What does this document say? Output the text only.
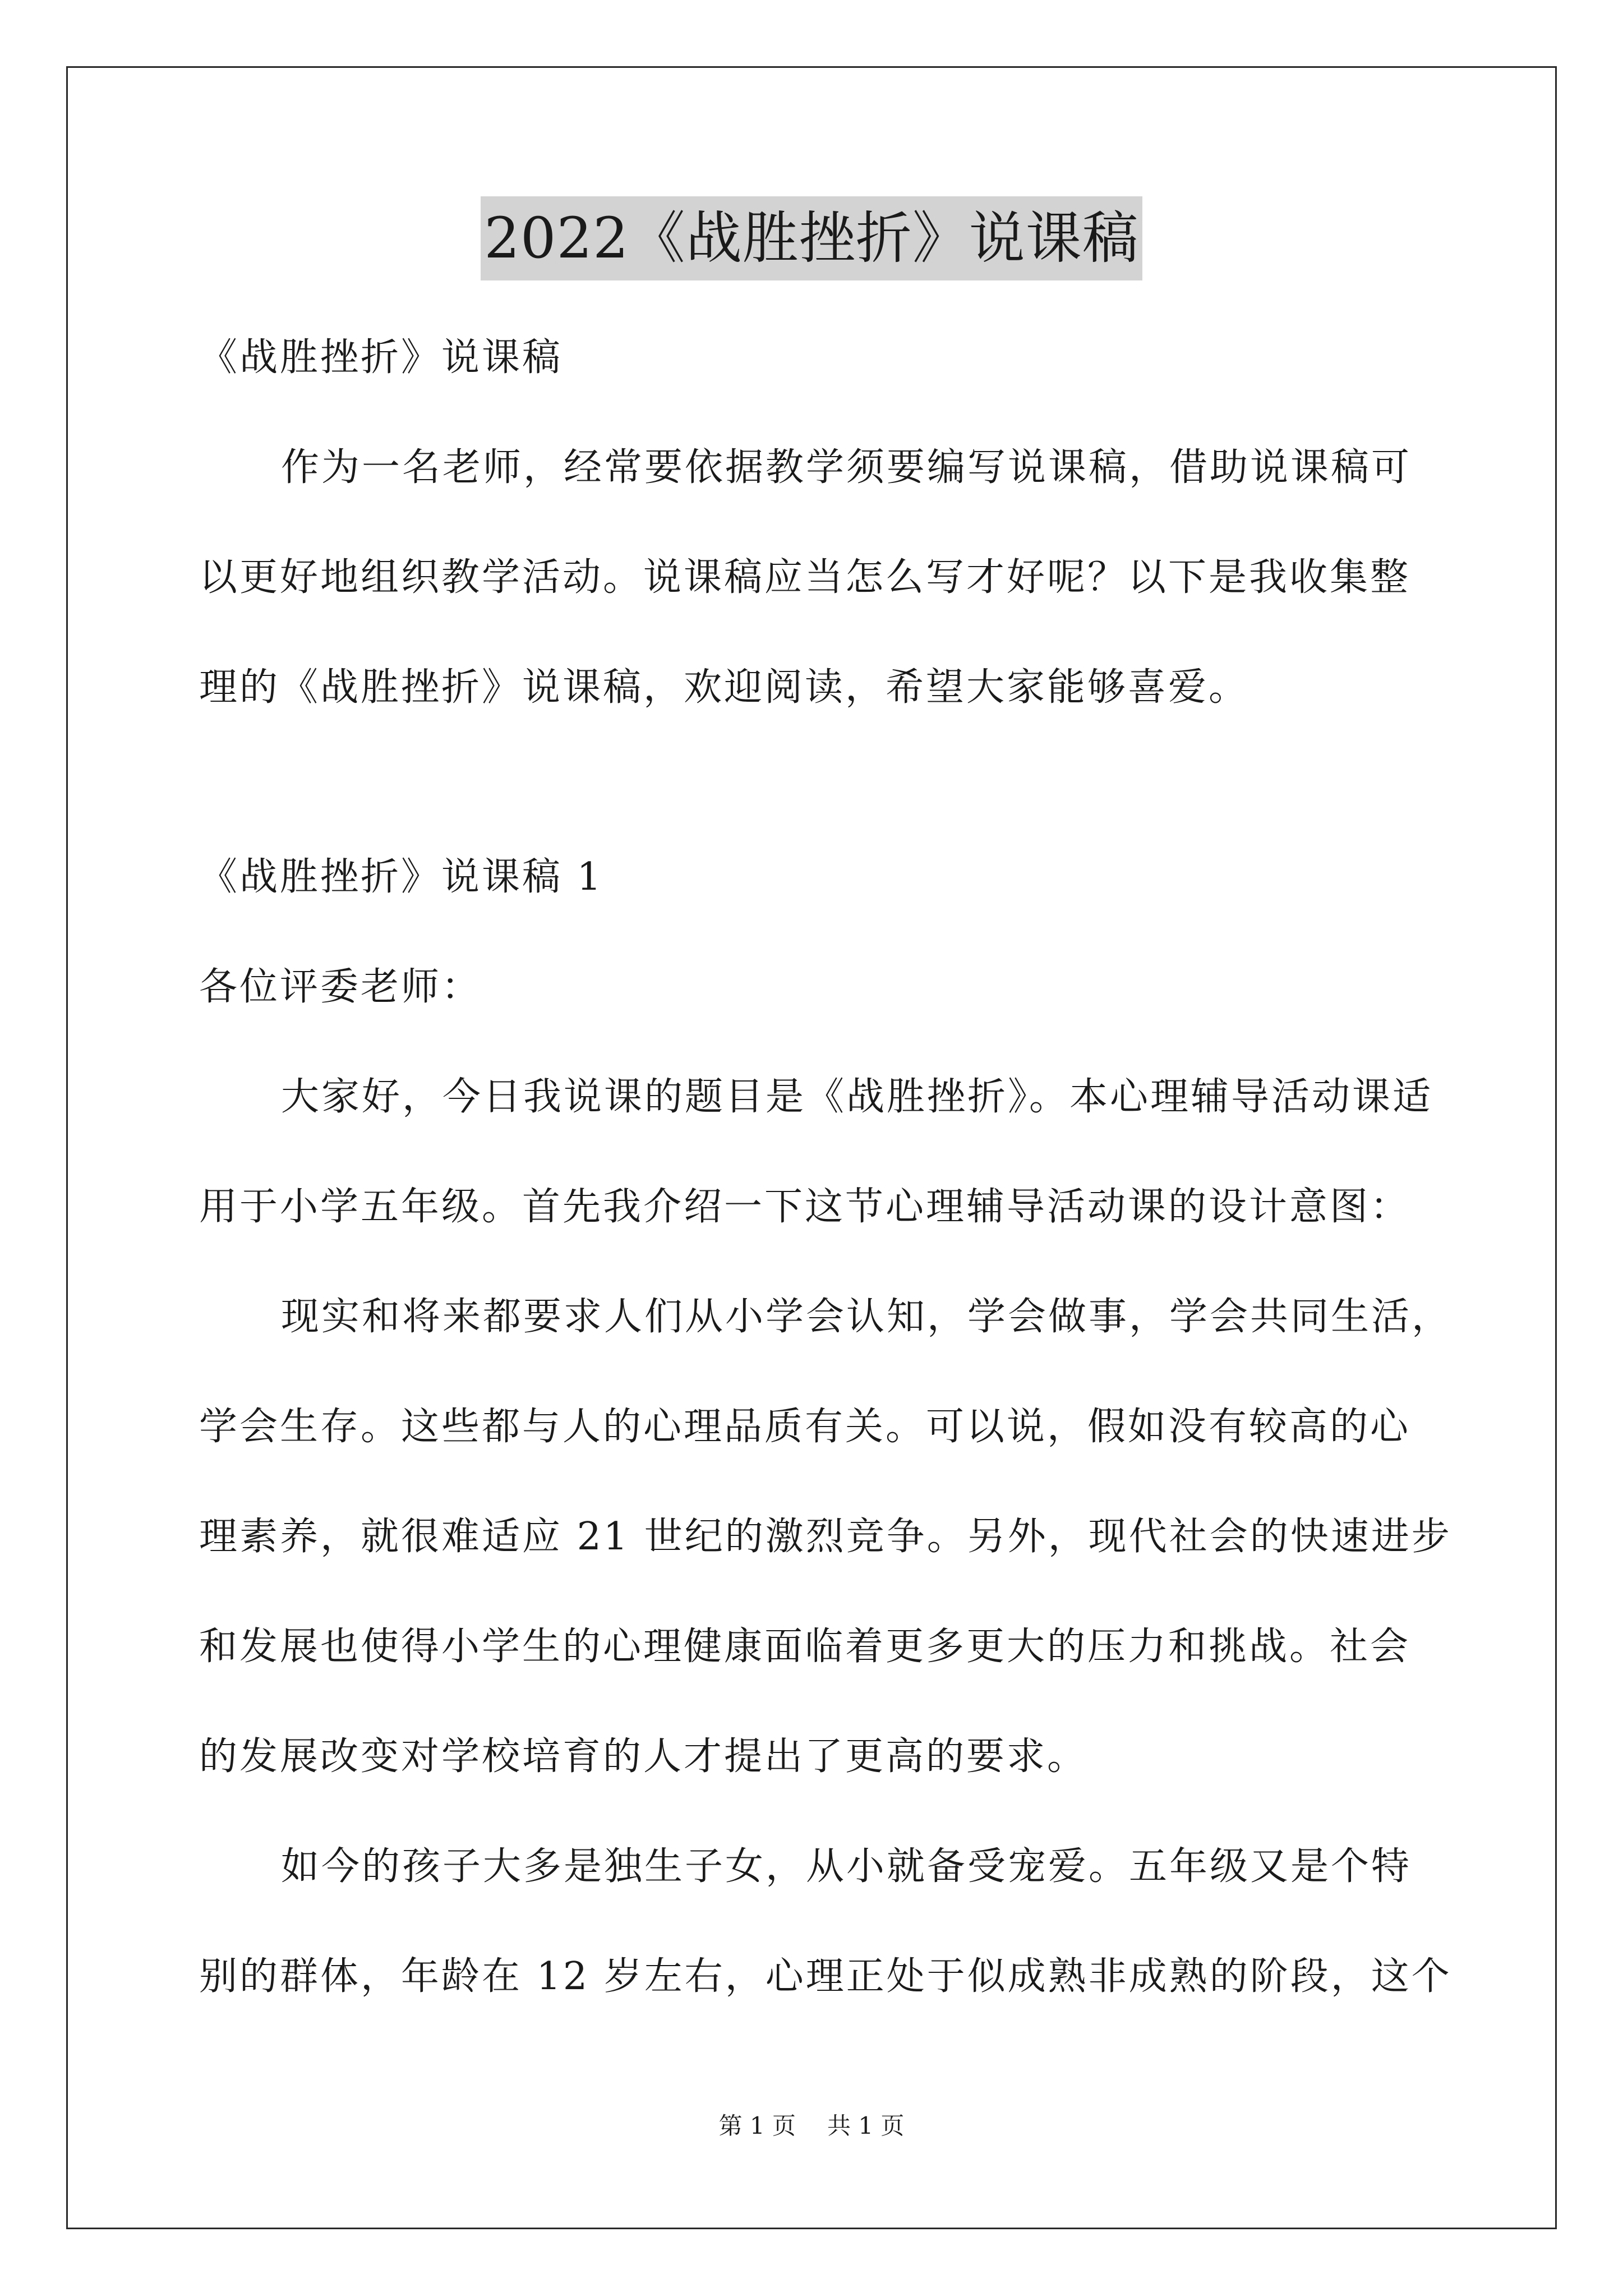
2022《战胜挫折》说课稿
《战胜挫折》说课稿
作为一名老师，经常要依据教学须要编写说课稿，借助说课稿可
以更好地组织教学活动。说课稿应当怎么写才好呢？以下是我收集整
理的《战胜挫折》说课稿，欢迎阅读，希望大家能够喜爱。
《战胜挫折》说课稿 1
各位评委老师：
大家好，今日我说课的题目是《战胜挫折》。本心理辅导活动课适
用于小学五年级。首先我介绍一下这节心理辅导活动课的设计意图：
现实和将来都要求人们从小学会认知，学会做事，学会共同生活，
学会生存。这些都与人的心理品质有关。可以说，假如没有较高的心
理素养，就很难适应 21 世纪的激烈竞争。另外，现代社会的快速进步
和发展也使得小学生的心理健康面临着更多更大的压力和挑战。社会
的发展改变对学校培育的人才提出了更高的要求。
如今的孩子大多是独生子女，从小就备受宠爱。五年级又是个特
别的群体，年龄在 12 岁左右，心理正处于似成熟非成熟的阶段，这个
第 1 页 共 1 页
